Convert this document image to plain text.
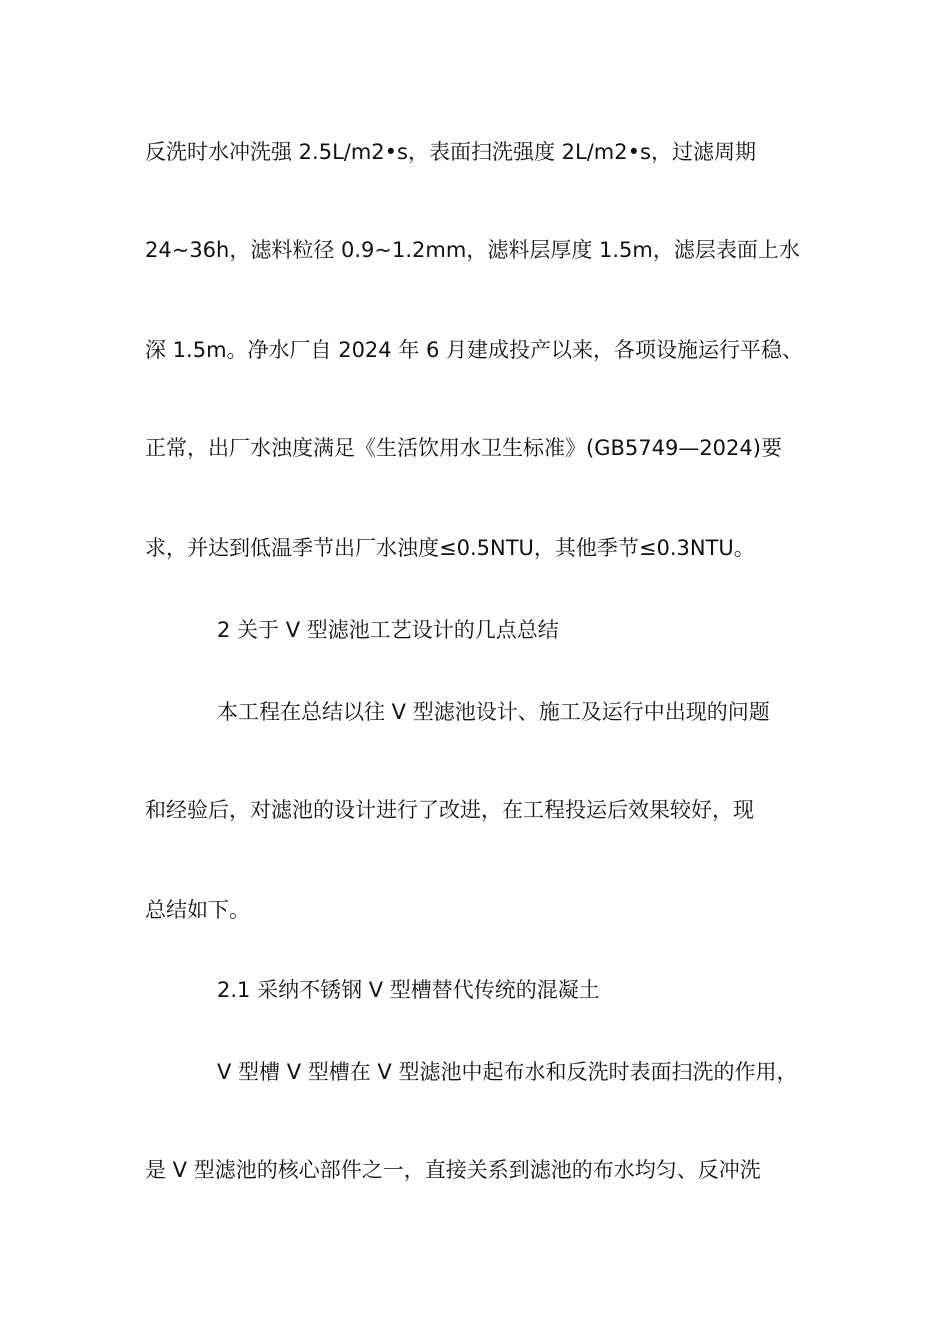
反洗时水冲洗强 2.5L/m2•s，表面扫洗强度 2L/m2•s，过滤周期
24~36h，滤料粒径 0.9~1.2mm，滤料层厚度 1.5m，滤层表面上水
深 1.5m。净水厂自 2024 年 6 月建成投产以来，各项设施运行平稳、
正常，出厂水浊度满足《生活饮用水卫生标准》(GB5749—2024)要
求，并达到低温季节出厂水浊度≤0.5NTU，其他季节≤0.3NTU。
2 关于 V 型滤池工艺设计的几点总结
本工程在总结以往 V 型滤池设计、施工及运行中出现的问题
和经验后，对滤池的设计进行了改进，在工程投运后效果较好，现
总结如下。
2.1 采纳不锈钢 V 型槽替代传统的混凝土
V 型槽 V 型槽在 V 型滤池中起布水和反洗时表面扫洗的作用，
是 V 型滤池的核心部件之一，直接关系到滤池的布水均匀、反冲洗
